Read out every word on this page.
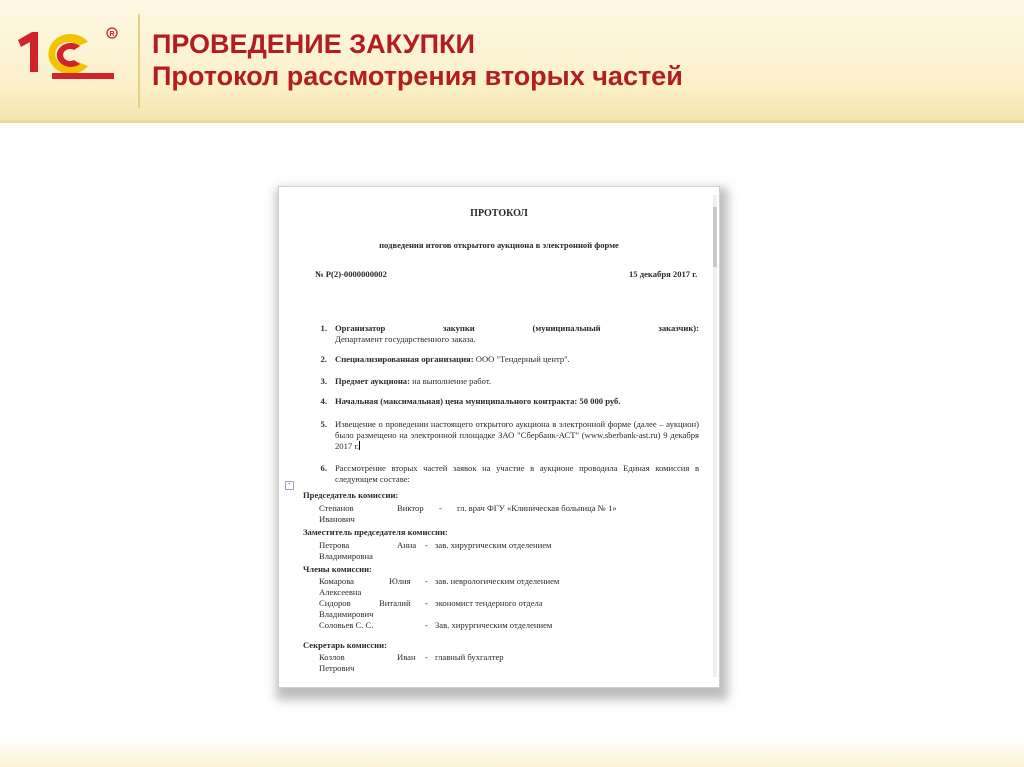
R ПРОВЕДЕНИЕ ЗАКУПКИ
Протокол рассмотрения вторых частей
ПРОТОКОЛ
подведения итогов открытого аукциона в электронной форме
№ Р(2)-0000000002	15 декабря 2017 г.
1. Организатор закупки (муниципальный заказчик):
Департамент государственного заказа.
2. Специализированная организация: ООО "Тендерный центр".
3. Предмет аукциона: на выполнение работ.
4. Начальная (максимальная) цена муниципального контракта: 50 000 руб.
5. Извещение о проведении настоящего открытого аукциона в электронной форме (далее – аукцион) было размещено на электронной площадке ЗАО "Сбербанк-АСТ" (www.sberbank-ast.ru) 9 декабря 2017 г.
6. Рассмотрение вторых частей заявок на участие в аукционе проводила Единая комиссия в следующем составе:
+
Председатель комиссии:
Степанов	Виктор - гл. врач ФГУ «Клиническая больница № 1»
Иванович
Заместитель председателя комиссии:
Петрова	Анна - зав. хирургическим отделением
Владимировна
Члены комиссии:
Комарова	Юлия - зав. неврологическим отделением
Алексеевна
Сидоров	Виталий - экономист тендерного отдела
Владимирович
Соловьев С. С.	- Зав. хирургическим отделением
Секретарь комиссии:
Козлов	Иван - главный бухгалтер
Петрович
